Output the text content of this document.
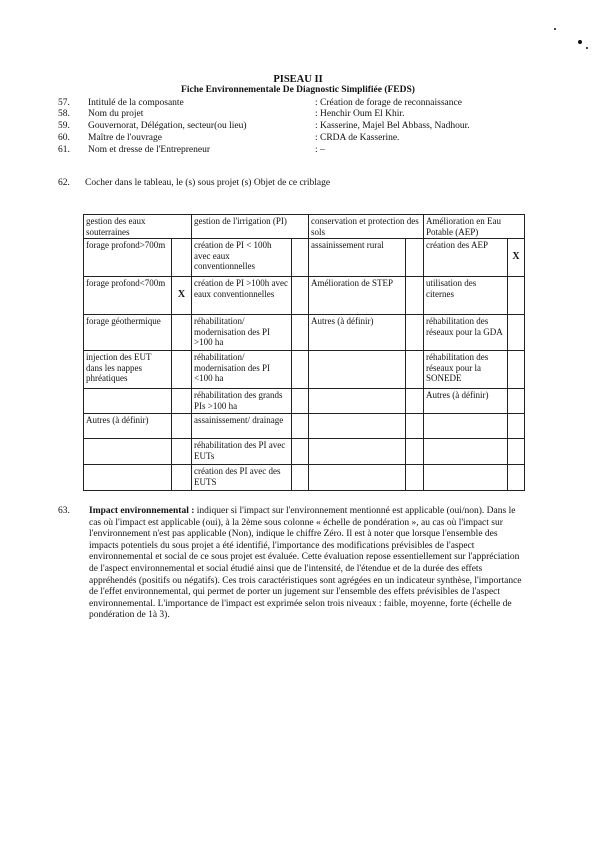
PISEAU II
Fiche Environnementale De Diagnostic Simplifiée (FEDS)
57. Intitulé de la composante	: Création de forage de reconnaissance
58. Nom du projet	: Henchir Oum El Khir.
59. Gouvernorat, Délégation, secteur(ou lieu)	: Kasserine, Majel Bel Abbass, Nadhour.
60. Maître de l'ouvrage	: CRDA de Kasserine.
61. Nom et dresse de l'Entrepreneur	: –
62. Cocher dans le tableau, le (s) sous projet (s) Objet de ce criblage
gestion des eaux souterraines		gestion de l'irrigation (PI)		conservation et protection des sols		Amélioration en Eau Potable (AEP)	
forage profond>700m		création de PI < 100h avec eaux conventionnelles		assainissement rural		création des AEP	X
forage profond<700m	X	création de PI >100h avec eaux conventionnelles		Amélioration de STEP		utilisation des citernes	
forage géothermique		réhabilitation/ modernisation des PI >100 ha		Autres (à définir)		réhabilitation des réseaux pour la GDA	
injection des EUT dans les nappes phréatiques		réhabilitation/ modernisation des PI <100 ha				réhabilitation des réseaux pour la SONEDE	
		réhabilitation des grands PIs >100 ha				Autres (à définir)	
Autres (à définir)		assainissement/ drainage					
		réhabilitation des PI avec EUTs					
		création des PI avec des EUTS					
63. Impact environnemental : indiquer si l'impact sur l'environnement mentionné est applicable (oui/non). Dans le cas où l'impact est applicable (oui), à la 2ème sous colonne « échelle de pondération », au cas où l'impact sur l'environnement n'est pas applicable (Non), indique le chiffre Zéro. Il est à noter que lorsque l'ensemble des impacts potentiels du sous projet a été identifié, l'importance des modifications prévisibles de l'aspect environnemental et social de ce sous projet est évaluée. Cette évaluation repose essentiellement sur l'appréciation de l'aspect environnemental et social étudié ainsi que de l'intensité, de l'étendue et de la durée des effets appréhendés (positifs ou négatifs). Ces trois caractéristiques sont agrégées en un indicateur synthèse, l'importance de l'effet environnemental, qui permet de porter un jugement sur l'ensemble des effets prévisibles de l'aspect environnemental. L'importance de l'impact est exprimée selon trois niveaux : faible, moyenne, forte (échelle de pondération de 1à 3).
